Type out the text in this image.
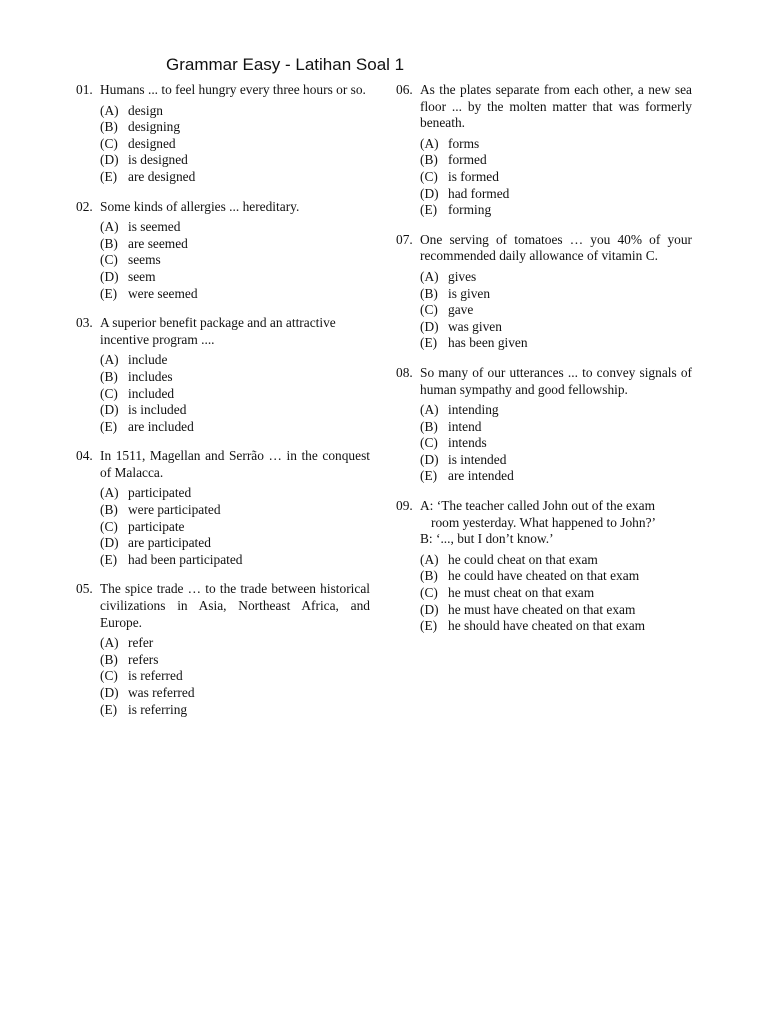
Grammar Easy - Latihan Soal 1
01. Humans ... to feel hungry every three hours or so.
(A) design
(B) designing
(C) designed
(D) is designed
(E) are designed
02. Some kinds of allergies ... hereditary.
(A) is seemed
(B) are seemed
(C) seems
(D) seem
(E) were seemed
03. A superior benefit package and an attractive incentive program ....
(A) include
(B) includes
(C) included
(D) is included
(E) are included
04. In 1511, Magellan and Serrão … in the conquest of Malacca.
(A) participated
(B) were participated
(C) participate
(D) are participated
(E) had been participated
05. The spice trade … to the trade between historical civilizations in Asia, Northeast Africa, and Europe.
(A) refer
(B) refers
(C) is referred
(D) was referred
(E) is referring
06. As the plates separate from each other, a new sea floor ... by the molten matter that was formerly beneath.
(A) forms
(B) formed
(C) is formed
(D) had formed
(E) forming
07. One serving of tomatoes … you 40% of your recommended daily allowance of vitamin C.
(A) gives
(B) is given
(C) gave
(D) was given
(E) has been given
08. So many of our utterances ... to convey signals of human sympathy and good fellowship.
(A) intending
(B) intend
(C) intends
(D) is intended
(E) are intended
09. A: ‘The teacher called John out of the exam
room yesterday. What happened to John?’
B: ‘..., but I don’t know.’
(A) he could cheat on that exam
(B) he could have cheated on that exam
(C) he must cheat on that exam
(D) he must have cheated on that exam
(E) he should have cheated on that exam
